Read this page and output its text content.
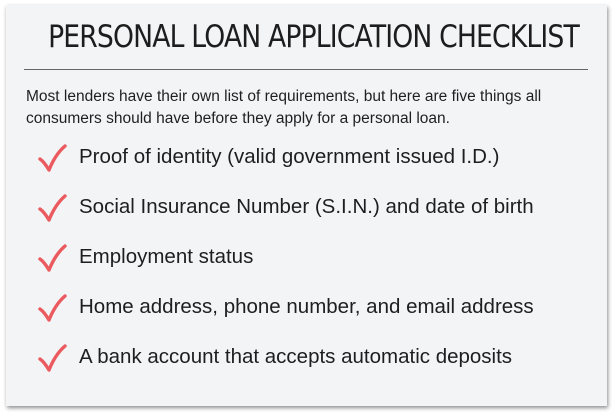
PERSONAL LOAN APPLICATION CHECKLIST
Most lenders have their own list of requirements, but here are five things all consumers should have before they apply for a personal loan.
Proof of identity (valid government issued I.D.)
Social Insurance Number (S.I.N.) and date of birth
Employment status
Home address, phone number, and email address
A bank account that accepts automatic deposits
